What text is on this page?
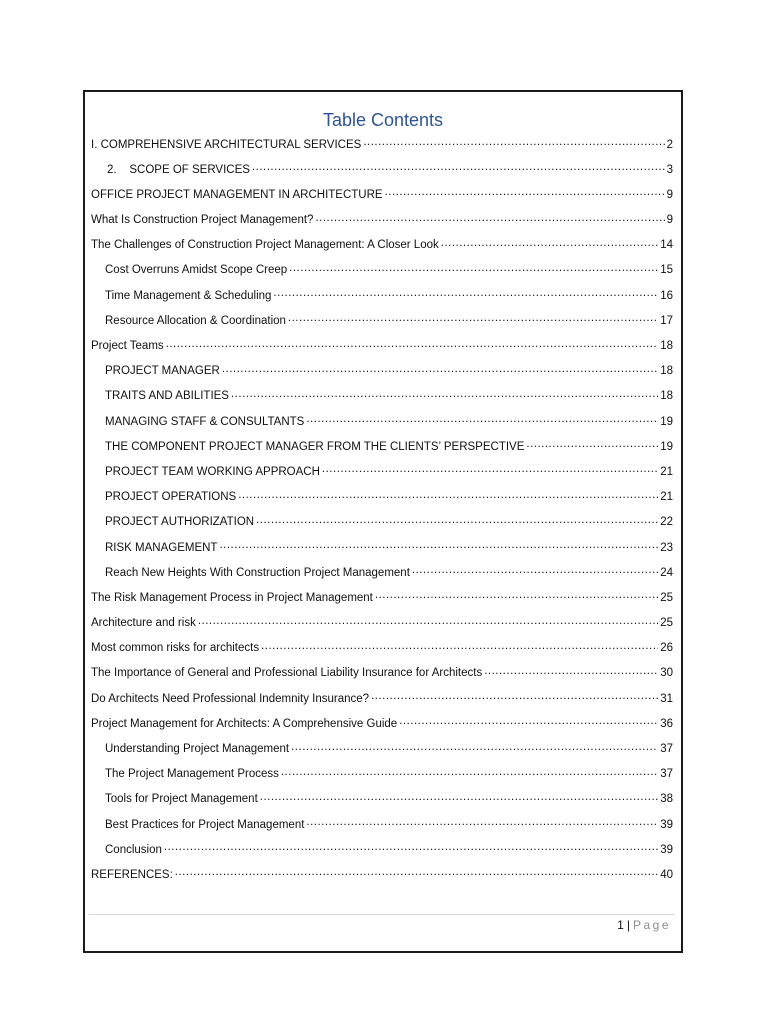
Table Contents
I. COMPREHENSIVE ARCHITECTURAL SERVICES .....	2
2.    SCOPE OF SERVICES .....	3
OFFICE PROJECT MANAGEMENT IN ARCHITECTURE .....	9
What Is Construction Project Management? .....	9
The Challenges of Construction Project Management: A Closer Look .....	14
Cost Overruns Amidst Scope Creep .....	15
Time Management & Scheduling .....	16
Resource Allocation & Coordination .....	17
Project Teams .....	18
PROJECT MANAGER .....	18
TRAITS AND ABILITIES .....	18
MANAGING STAFF & CONSULTANTS .....	19
THE COMPONENT PROJECT MANAGER FROM THE CLIENTS’ PERSPECTIVE .....	19
PROJECT TEAM WORKING APPROACH .....	21
PROJECT OPERATIONS .....	21
PROJECT AUTHORIZATION .....	22
RISK MANAGEMENT .....	23
Reach New Heights With Construction Project Management .....	24
The Risk Management Process in Project Management .....	25
Architecture and risk .....	25
Most common risks for architects .....	26
The Importance of General and Professional Liability Insurance for Architects .....	30
Do Architects Need Professional Indemnity Insurance? .....	31
Project Management for Architects: A Comprehensive Guide .....	36
Understanding Project Management .....	37
The Project Management Process .....	37
Tools for Project Management .....	38
Best Practices for Project Management .....	39
Conclusion .....	39
REFERENCES: .....	40
1 | Page
